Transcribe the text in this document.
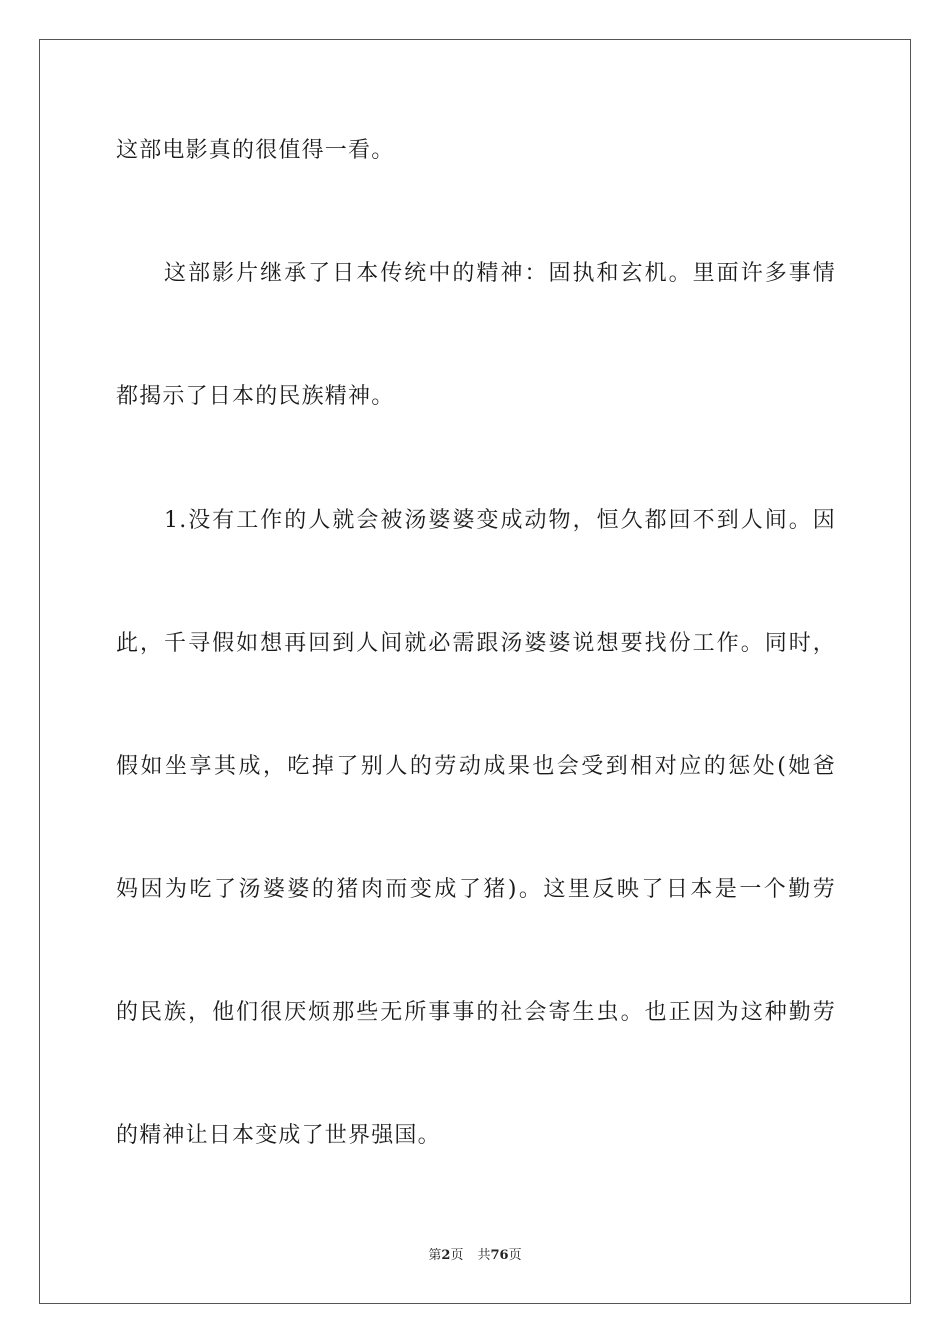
这部电影真的很值得一看。
这部影片继承了日本传统中的精神：固执和玄机。里面许多事情
都揭示了日本的民族精神。
1.没有工作的人就会被汤婆婆变成动物，恒久都回不到人间。因
此，千寻假如想再回到人间就必需跟汤婆婆说想要找份工作。同时，
假如坐享其成，吃掉了别人的劳动成果也会受到相对应的惩处(她爸
妈因为吃了汤婆婆的猪肉而变成了猪)。这里反映了日本是一个勤劳
的民族，他们很厌烦那些无所事事的社会寄生虫。也正因为这种勤劳
的精神让日本变成了世界强国。
第2页 共76页
